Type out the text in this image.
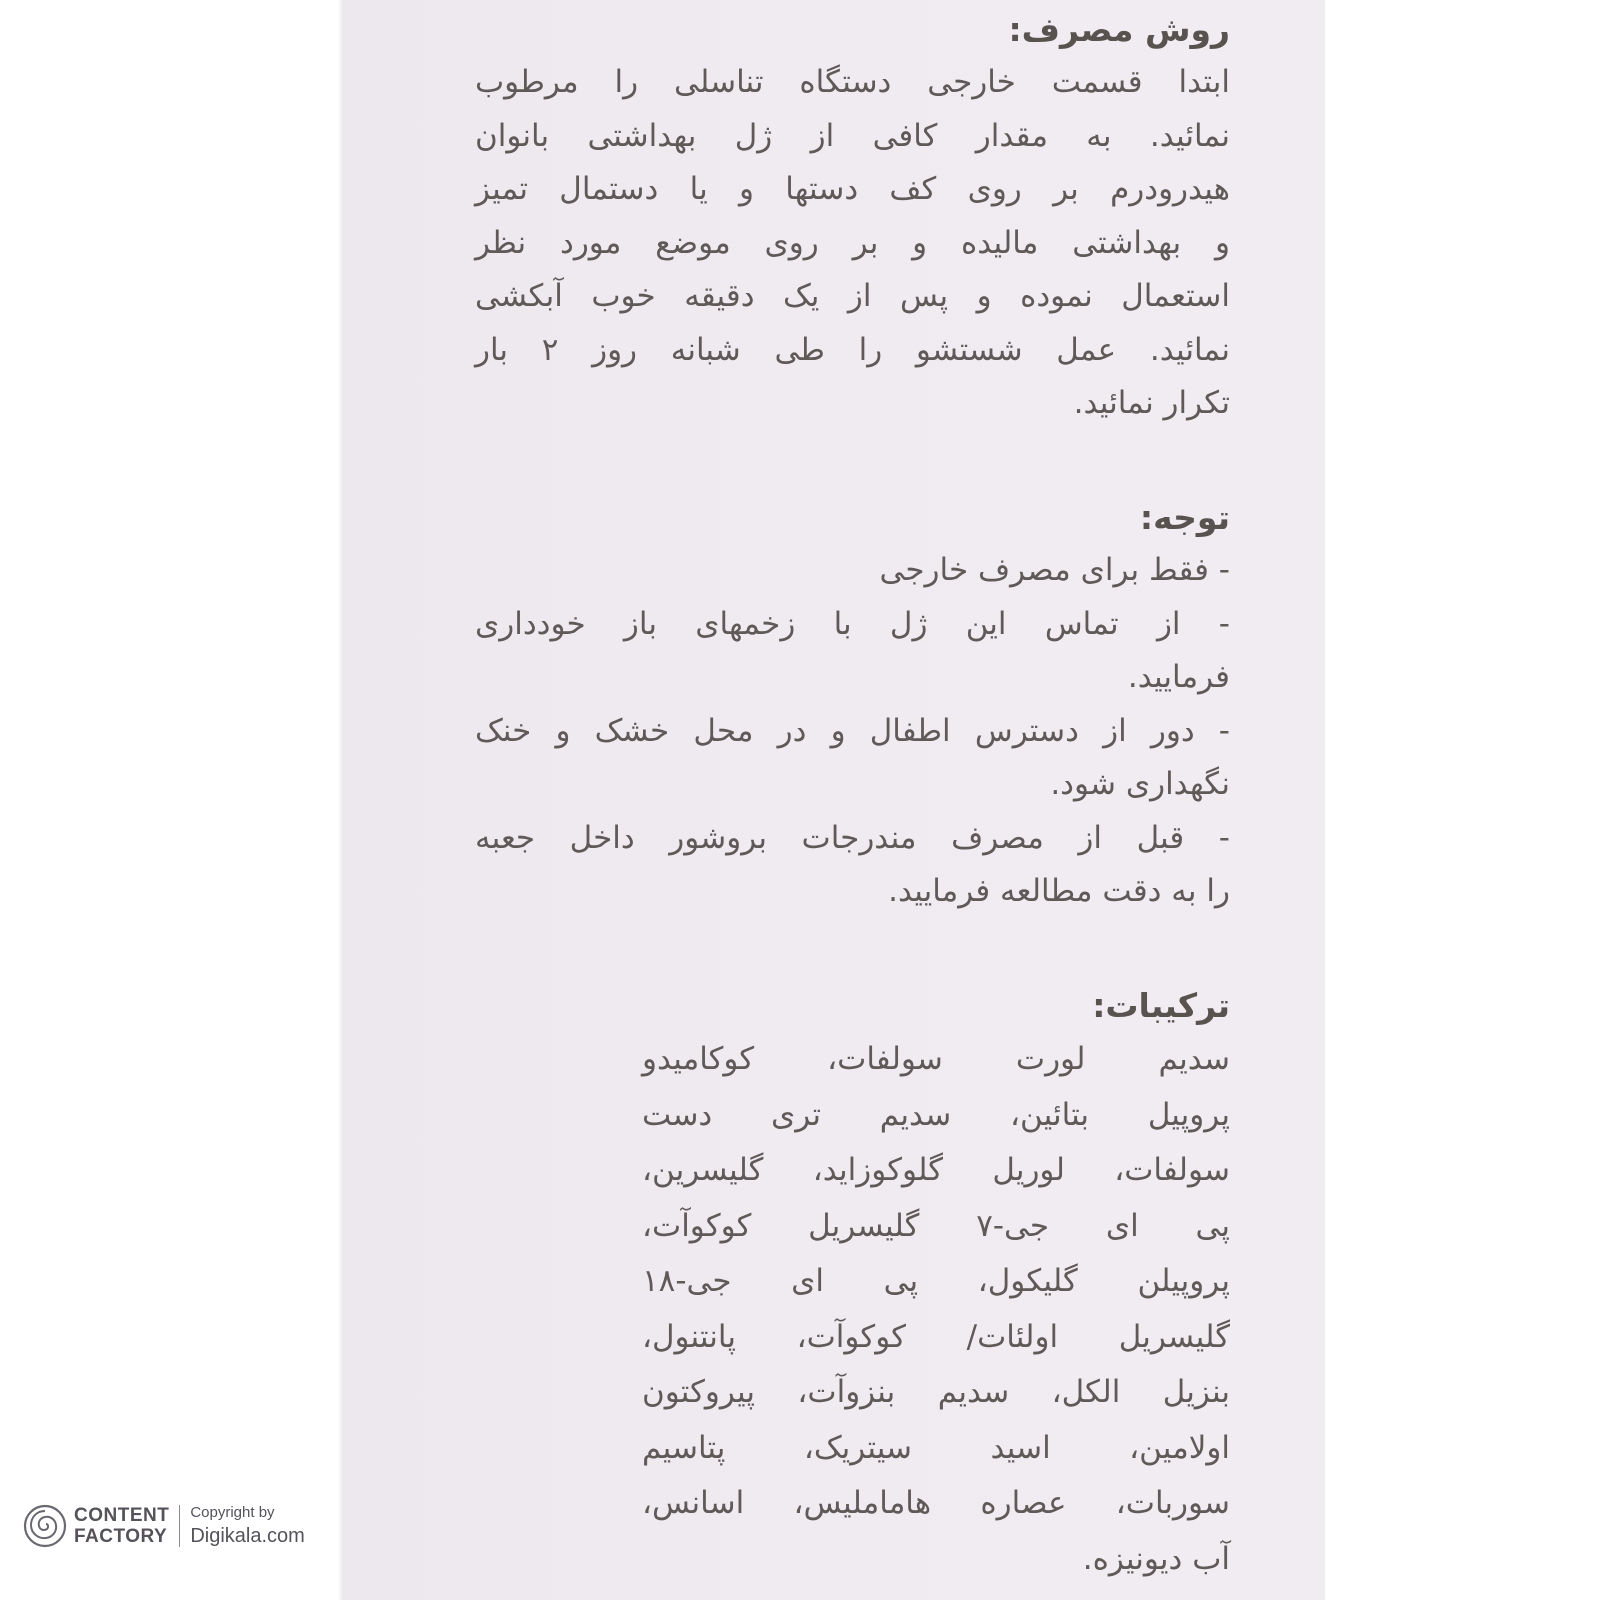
روش مصرف:

ابتدا قسمت خارجی دستگاه تناسلی را مرطوب

نمائید. به مقدار کافی از ژل بهداشتی بانوان

هیدرودرم بر روی کف دستها و یا دستمال تمیز

و بهداشتی مالیده و بر روی موضع مورد نظر

استعمال نموده و پس از یک دقیقه خوب آبکشی

نمائید. عمل شستشو را طی شبانه روز ۲ بار

تکرار نمائید.

توجه:

- فقط برای مصرف خارجی

- از تماس این ژل با زخمهای باز خودداری

فرمایید.

- دور از دسترس اطفال و در محل خشک و خنک

نگهداری شود.

- قبل از مصرف مندرجات بروشور داخل جعبه

را به دقت مطالعه فرمایید.

ترکیبات:

سدیم لورت سولفات، کوکامیدو

پروپیل بتائین، سدیم تری دست

سولفات، لوریل گلوکوزاید، گلیسرین،

پی ای جی-۷ گلیسریل کوکوآت،

پروپیلن گلیکول، پی ای جی-۱۸

گلیسریل اولئات/ کوکوآت، پانتنول،

بنزیل الکل، سدیم بنزوآت، پیروکتون

اولامین، اسید سیتریک، پتاسیم

سوربات، عصاره هاماملیس، اسانس،

آب دیونیزه.

CONTENT
FACTORY
Copyright by
Digikala.com
